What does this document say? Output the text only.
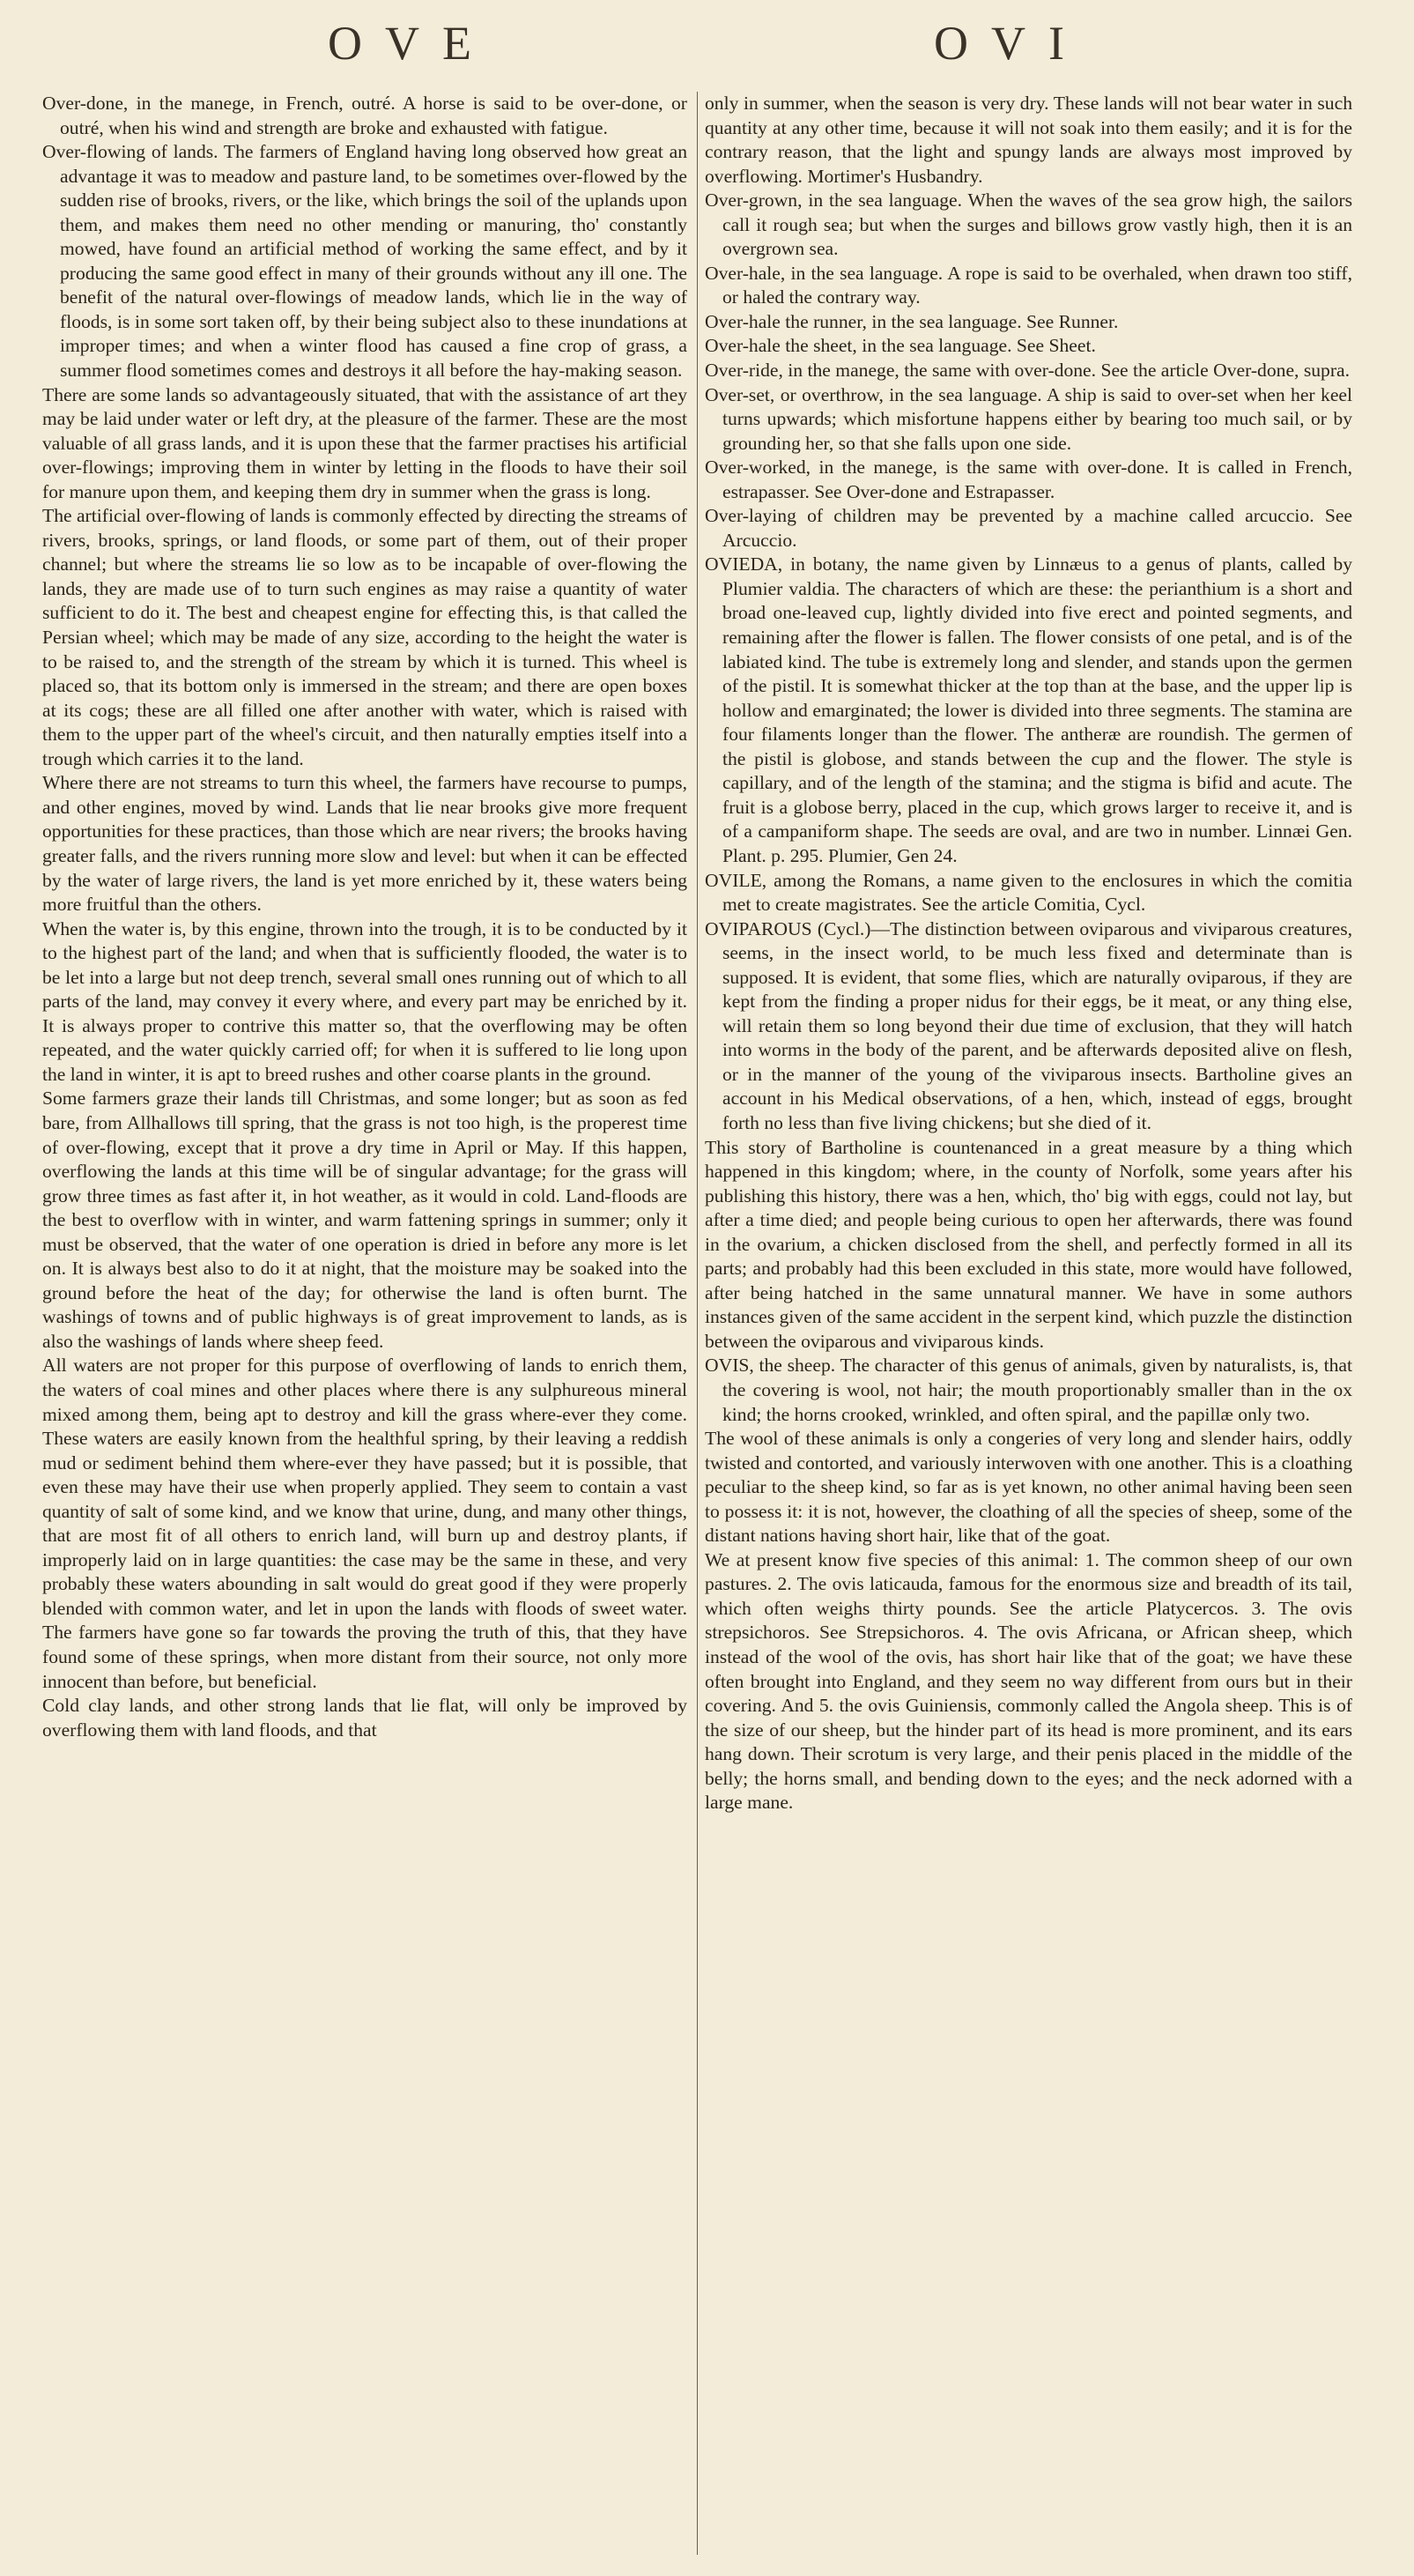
OVE	OVI

Over-done, in the manege, in French, outré. A horse is said to be over-done, or outré, when his wind and strength are broke and exhausted with fatigue.

Over-flowing of lands. The farmers of England having long observed how great an advantage it was to meadow and pasture land, to be sometimes over-flowed by the sudden rise of brooks, rivers, or the like, which brings the soil of the uplands upon them, and makes them need no other mending or manuring, tho' constantly mowed, have found an artificial method of working the same effect, and by it producing the same good effect in many of their grounds without any ill one. The benefit of the natural over-flowings of meadow lands, which lie in the way of floods, is in some sort taken off, by their being subject also to these inundations at improper times; and when a winter flood has caused a fine crop of grass, a summer flood sometimes comes and destroys it all before the hay-making season.

There are some lands so advantageously situated, that with the assistance of art they may be laid under water or left dry, at the pleasure of the farmer. These are the most valuable of all grass lands, and it is upon these that the farmer practises his artificial over-flowings; improving them in winter by letting in the floods to have their soil for manure upon them, and keeping them dry in summer when the grass is long.

The artificial over-flowing of lands is commonly effected by directing the streams of rivers, brooks, springs, or land floods, or some part of them, out of their proper channel; but where the streams lie so low as to be incapable of over-flowing the lands, they are made use of to turn such engines as may raise a quantity of water sufficient to do it. The best and cheapest engine for effecting this, is that called the Persian wheel; which may be made of any size, according to the height the water is to be raised to, and the strength of the stream by which it is turned. This wheel is placed so, that its bottom only is immersed in the stream; and there are open boxes at its cogs; these are all filled one after another with water, which is raised with them to the upper part of the wheel's circuit, and then naturally empties itself into a trough which carries it to the land.

Where there are not streams to turn this wheel, the farmers have recourse to pumps, and other engines, moved by wind. Lands that lie near brooks give more frequent opportunities for these practices, than those which are near rivers; the brooks having greater falls, and the rivers running more slow and level: but when it can be effected by the water of large rivers, the land is yet more enriched by it, these waters being more fruitful than the others.

When the water is, by this engine, thrown into the trough, it is to be conducted by it to the highest part of the land; and when that is sufficiently flooded, the water is to be let into a large but not deep trench, several small ones running out of which to all parts of the land, may convey it every where, and every part may be enriched by it. It is always proper to contrive this matter so, that the overflowing may be often repeated, and the water quickly carried off; for when it is suffered to lie long upon the land in winter, it is apt to breed rushes and other coarse plants in the ground.

Some farmers graze their lands till Christmas, and some longer; but as soon as fed bare, from Allhallows till spring, that the grass is not too high, is the properest time of over-flowing, except that it prove a dry time in April or May. If this happen, overflowing the lands at this time will be of singular advantage; for the grass will grow three times as fast after it, in hot weather, as it would in cold. Land-floods are the best to overflow with in winter, and warm fattening springs in summer; only it must be observed, that the water of one operation is dried in before any more is let on. It is always best also to do it at night, that the moisture may be soaked into the ground before the heat of the day; for otherwise the land is often burnt. The washings of towns and of public highways is of great improvement to lands, as is also the washings of lands where sheep feed.

All waters are not proper for this purpose of overflowing of lands to enrich them, the waters of coal mines and other places where there is any sulphureous mineral mixed among them, being apt to destroy and kill the grass where-ever they come. These waters are easily known from the healthful spring, by their leaving a reddish mud or sediment behind them where-ever they have passed; but it is possible, that even these may have their use when properly applied. They seem to contain a vast quantity of salt of some kind, and we know that urine, dung, and many other things, that are most fit of all others to enrich land, will burn up and destroy plants, if improperly laid on in large quantities: the case may be the same in these, and very probably these waters abounding in salt would do great good if they were properly blended with common water, and let in upon the lands with floods of sweet water. The farmers have gone so far towards the proving the truth of this, that they have found some of these springs, when more distant from their source, not only more innocent than before, but beneficial.

Cold clay lands, and other strong lands that lie flat, will only be improved by overflowing them with land floods, and that

only in summer, when the season is very dry. These lands will not bear water in such quantity at any other time, because it will not soak into them easily; and it is for the contrary reason, that the light and spungy lands are always most improved by overflowing. Mortimer's Husbandry.

Over-grown, in the sea language. When the waves of the sea grow high, the sailors call it rough sea; but when the surges and billows grow vastly high, then it is an overgrown sea.

Over-hale, in the sea language. A rope is said to be overhaled, when drawn too stiff, or haled the contrary way.

Over-hale the runner, in the sea language. See Runner.

Over-hale the sheet, in the sea language. See Sheet.

Over-ride, in the manege, the same with over-done. See the article Over-done, supra.

Over-set, or overthrow, in the sea language. A ship is said to over-set when her keel turns upwards; which misfortune happens either by bearing too much sail, or by grounding her, so that she falls upon one side.

Over-worked, in the manege, is the same with over-done. It is called in French, estrapasser. See Over-done and Estrapasser.

Over-laying of children may be prevented by a machine called arcuccio. See Arcuccio.

OVIEDA, in botany, the name given by Linnæus to a genus of plants, called by Plumier valdia. The characters of which are these: the perianthium is a short and broad one-leaved cup, lightly divided into five erect and pointed segments, and remaining after the flower is fallen. The flower consists of one petal, and is of the labiated kind. The tube is extremely long and slender, and stands upon the germen of the pistil. It is somewhat thicker at the top than at the base, and the upper lip is hollow and emarginated; the lower is divided into three segments. The stamina are four filaments longer than the flower. The antheræ are roundish. The germen of the pistil is globose, and stands between the cup and the flower. The style is capillary, and of the length of the stamina; and the stigma is bifid and acute. The fruit is a globose berry, placed in the cup, which grows larger to receive it, and is of a campaniform shape. The seeds are oval, and are two in number. Linnæi Gen. Plant. p. 295. Plumier, Gen 24.

OVILE, among the Romans, a name given to the enclosures in which the comitia met to create magistrates. See the article Comitia, Cycl.

OVIPAROUS (Cycl.)—The distinction between oviparous and viviparous creatures, seems, in the insect world, to be much less fixed and determinate than is supposed. It is evident, that some flies, which are naturally oviparous, if they are kept from the finding a proper nidus for their eggs, be it meat, or any thing else, will retain them so long beyond their due time of exclusion, that they will hatch into worms in the body of the parent, and be afterwards deposited alive on flesh, or in the manner of the young of the viviparous insects. Bartholine gives an account in his Medical observations, of a hen, which, instead of eggs, brought forth no less than five living chickens; but she died of it.

This story of Bartholine is countenanced in a great measure by a thing which happened in this kingdom; where, in the county of Norfolk, some years after his publishing this history, there was a hen, which, tho' big with eggs, could not lay, but after a time died; and people being curious to open her afterwards, there was found in the ovarium, a chicken disclosed from the shell, and perfectly formed in all its parts; and probably had this been excluded in this state, more would have followed, after being hatched in the same unnatural manner. We have in some authors instances given of the same accident in the serpent kind, which puzzle the distinction between the oviparous and viviparous kinds.

OVIS, the sheep. The character of this genus of animals, given by naturalists, is, that the covering is wool, not hair; the mouth proportionably smaller than in the ox kind; the horns crooked, wrinkled, and often spiral, and the papillæ only two.

The wool of these animals is only a congeries of very long and slender hairs, oddly twisted and contorted, and variously interwoven with one another. This is a cloathing peculiar to the sheep kind, so far as is yet known, no other animal having been seen to possess it: it is not, however, the cloathing of all the species of sheep, some of the distant nations having short hair, like that of the goat.

We at present know five species of this animal: 1. The common sheep of our own pastures. 2. The ovis laticauda, famous for the enormous size and breadth of its tail, which often weighs thirty pounds. See the article Platycercos. 3. The ovis strepsichoros. See Strepsichoros. 4. The ovis Africana, or African sheep, which instead of the wool of the ovis, has short hair like that of the goat; we have these often brought into England, and they seem no way different from ours but in their covering. And 5. the ovis Guiniensis, commonly called the Angola sheep. This is of the size of our sheep, but the hinder part of its head is more prominent, and its ears hang down. Their scrotum is very large, and their penis placed in the middle of the belly; the horns small, and bending down to the eyes; and the neck adorned with a large mane.
